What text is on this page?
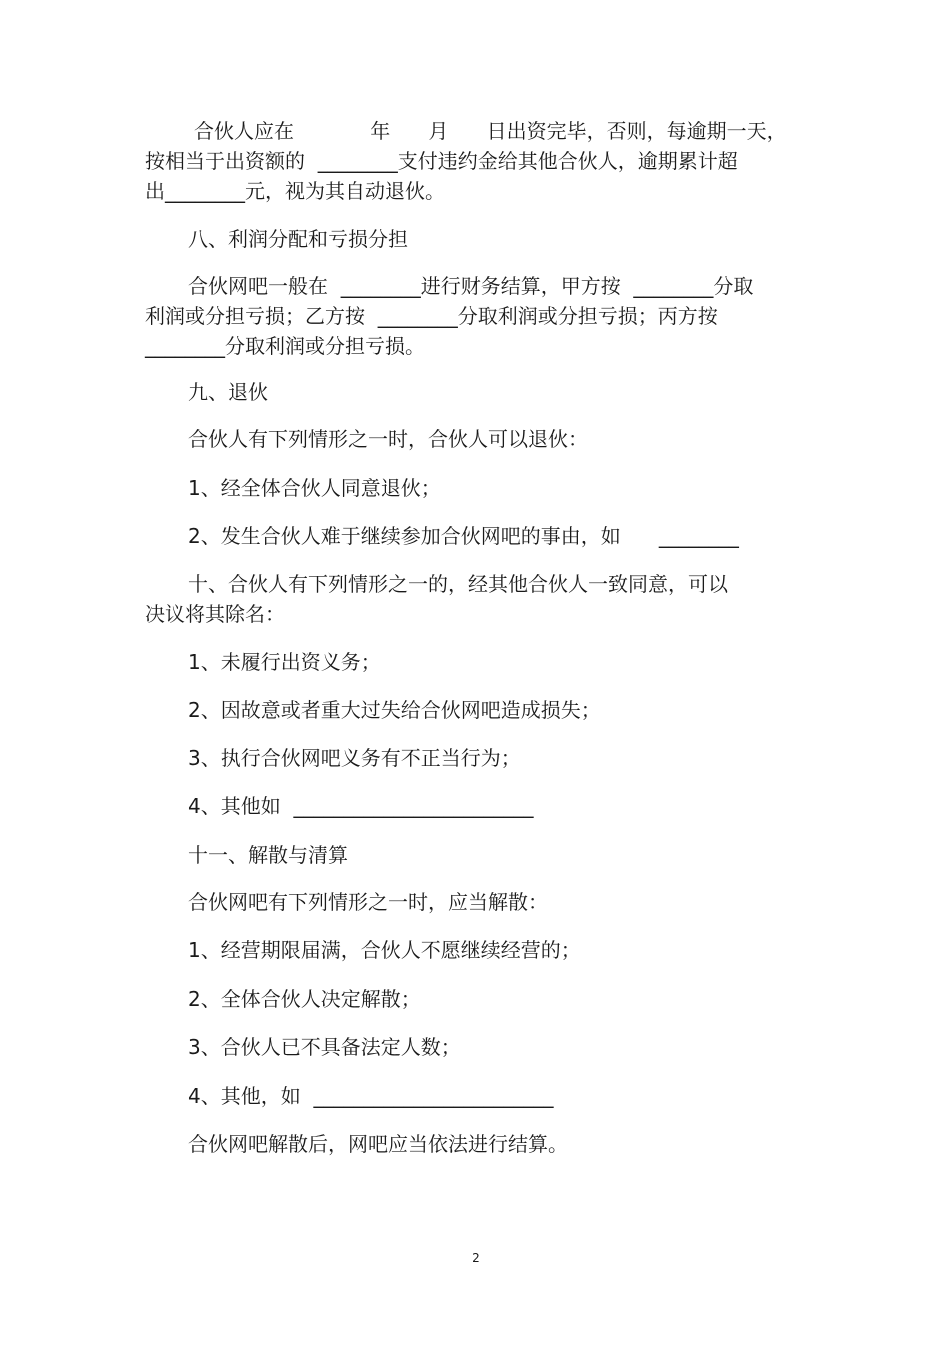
合伙人应在            年      月      日出资完毕，否则，每逾期一天，
按相当于出资额的  ________支付违约金给其他合伙人，逾期累计超
出________元，视为其自动退伙。
八、利润分配和亏损分担
合伙网吧一般在  ________进行财务结算，甲方按  ________分取
利润或分担亏损；乙方按  ________分取利润或分担亏损；丙方按
________分取利润或分担亏损。
九、退伙
合伙人有下列情形之一时，合伙人可以退伙：
1、经全体合伙人同意退伙；
2、发生合伙人难于继续参加合伙网吧的事由，如      ________
十、合伙人有下列情形之一的，经其他合伙人一致同意，可以
决议将其除名：
1、未履行出资义务；
2、因故意或者重大过失给合伙网吧造成损失；
3、执行合伙网吧义务有不正当行为；
4、其他如  ________________________
十一、解散与清算
合伙网吧有下列情形之一时，应当解散：
1、经营期限届满，合伙人不愿继续经营的；
2、全体合伙人决定解散；
3、合伙人已不具备法定人数；
4、其他，如  ________________________
合伙网吧解散后，网吧应当依法进行结算。
2
